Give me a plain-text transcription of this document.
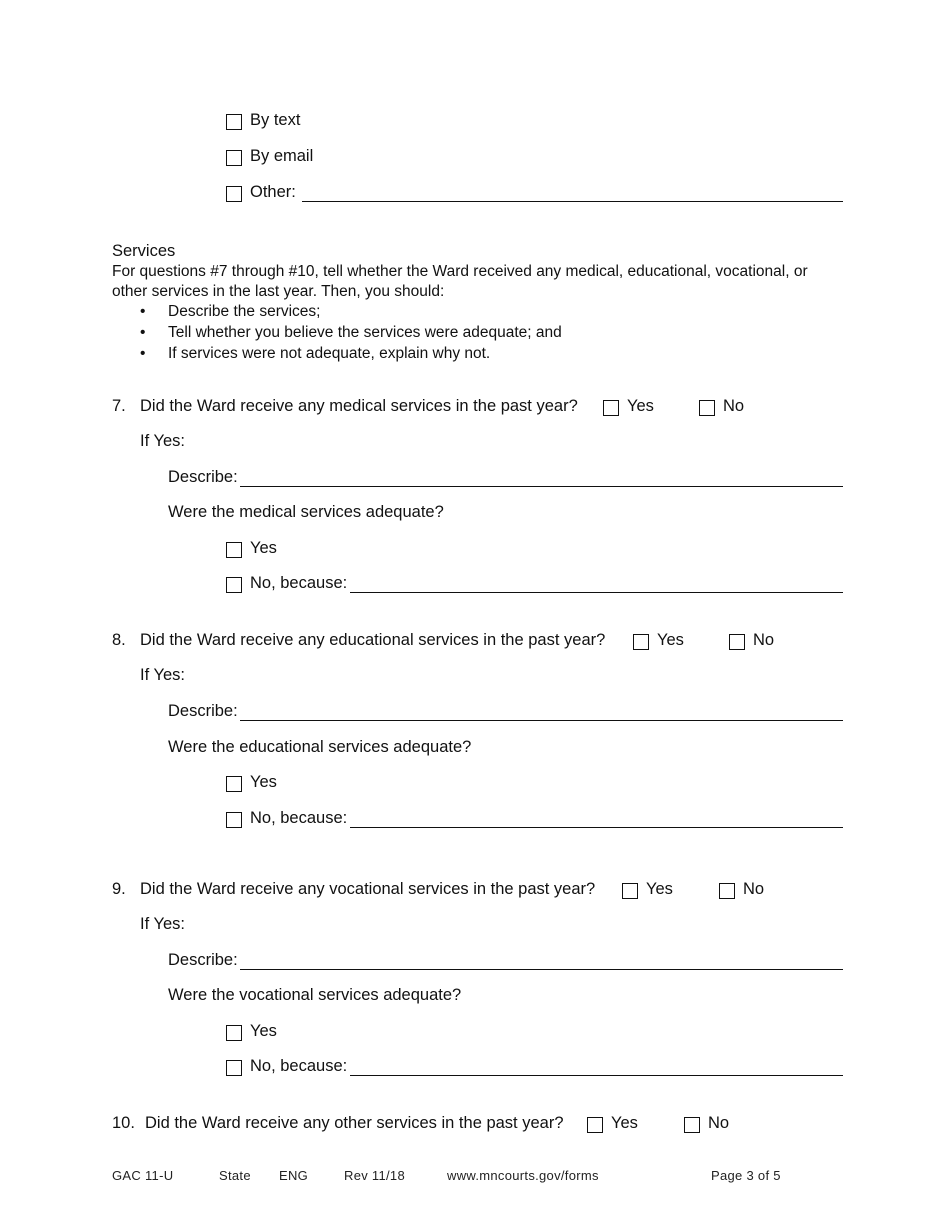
By text
By email
Other:
Services
For questions #7 through #10, tell whether the Ward received any medical, educational, vocational, or
other services in the last year. Then, you should:
• Describe the services;
• Tell whether you believe the services were adequate; and
• If services were not adequate, explain why not.
7. Did the Ward receive any medical services in the past year?	Yes	No
If Yes:
Describe:
Were the medical services adequate?
Yes
No, because:
8. Did the Ward receive any educational services in the past year?	Yes	No
If Yes:
Describe:
Were the educational services adequate?
Yes
No, because:
9. Did the Ward receive any vocational services in the past year?	Yes	No
If Yes:
Describe:
Were the vocational services adequate?
Yes
No, because:
10. Did the Ward receive any other services in the past year?	Yes	No
GAC 11-U	State ENG	Rev 11/18	www.mncourts.gov/forms	Page 3 of 5
